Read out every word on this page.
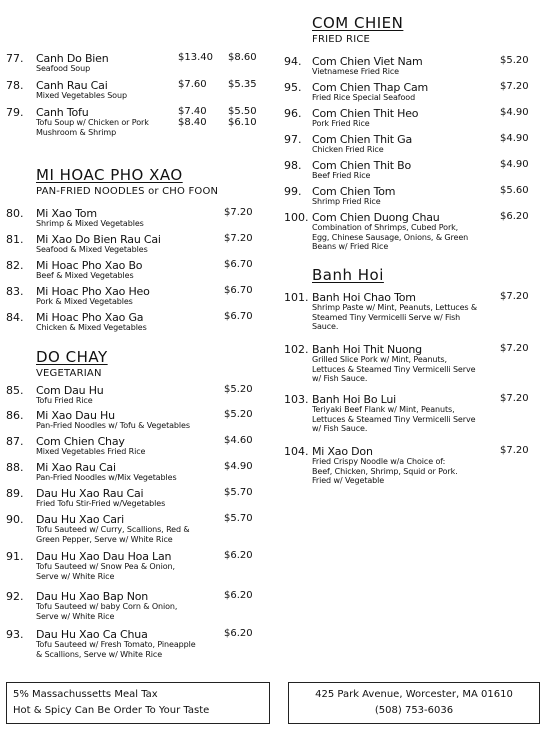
77. Canh Do Bien
Seafood Soup
$13.40 $8.60
78. Canh Rau Cai
Mixed Vegetables Soup
$7.60 $5.35
79. Canh Tofu
Tofu Soup w/ Chicken or Pork
Mushroom & Shrimp
$7.40 $5.50
$8.40 $6.10
MI HOAC PHO XAO
PAN-FRIED NOODLES or CHO FOON
80. Mi Xao Tom
Shrimp & Mixed Vegetables
$7.20
81. Mi Xao Do Bien Rau Cai
Seafood & Mixed Vegetables
$7.20
82. Mi Hoac Pho Xao Bo
Beef & Mixed Vegetables
$6.70
83. Mi Hoac Pho Xao Heo
Pork & Mixed Vegetables
$6.70
84. Mi Hoac Pho Xao Ga
Chicken & Mixed Vegetables
$6.70
DO CHAY
VEGETARIAN
85. Com Dau Hu
Tofu Fried Rice
$5.20
86. Mi Xao Dau Hu
Pan-Fried Noodles w/ Tofu & Vegetables
$5.20
87. Com Chien Chay
Mixed Vegetables Fried Rice
$4.60
88. Mi Xao Rau Cai
Pan-Fried Noodles w/Mix Vegetables
$4.90
89. Dau Hu Xao Rau Cai
Fried Tofu Stir-Fried w/Vegetables
$5.70
90. Dau Hu Xao Cari
Tofu Sauteed w/ Curry, Scallions, Red &
Green Pepper, Serve w/ White Rice
$5.70
91. Dau Hu Xao Dau Hoa Lan
Tofu Sauteed w/ Snow Pea & Onion,
Serve w/ White Rice
$6.20
92. Dau Hu Xao Bap Non
Tofu Sauteed w/ baby Corn & Onion,
Serve w/ White Rice
$6.20
93. Dau Hu Xao Ca Chua
Tofu Sauteed w/ Fresh Tomato, Pineapple
& Scallions, Serve w/ White Rice
$6.20
COM CHIEN
FRIED RICE
94. Com Chien Viet Nam
Vietnamese Fried Rice
$5.20
95. Com Chien Thap Cam
Fried Rice Special Seafood
$7.20
96. Com Chien Thit Heo
Pork Fried Rice
$4.90
97. Com Chien Thit Ga
Chicken Fried Rice
$4.90
98. Com Chien Thit Bo
Beef Fried Rice
$4.90
99. Com Chien Tom
Shrimp Fried Rice
$5.60
100. Com Chien Duong Chau
Combination of Shrimps, Cubed Pork,
Egg, Chinese Sausage, Onions, & Green
Beans w/ Fried Rice
$6.20
Banh Hoi
101. Banh Hoi Chao Tom
Shrimp Paste w/ Mint, Peanuts, Lettuces &
Steamed Tiny Vermicelli Serve w/ Fish
Sauce.
$7.20
102. Banh Hoi Thit Nuong
Grilled Slice Pork w/ Mint, Peanuts,
Lettuces & Steamed Tiny Vermicelli Serve
w/ Fish Sauce.
$7.20
103. Banh Hoi Bo Lui
Teriyaki Beef Flank w/ Mint, Peanuts,
Lettuces & Steamed Tiny Vermicelli Serve
w/ Fish Sauce.
$7.20
104. Mi Xao Don
Fried Crispy Noodle w/a Choice of:
Beef, Chicken, Shrimp, Squid or Pork.
Fried w/ Vegetable
$7.20
5% Massachussetts Meal Tax
Hot & Spicy Can Be Order To Your Taste
425 Park Avenue, Worcester, MA 01610
(508) 753-6036
